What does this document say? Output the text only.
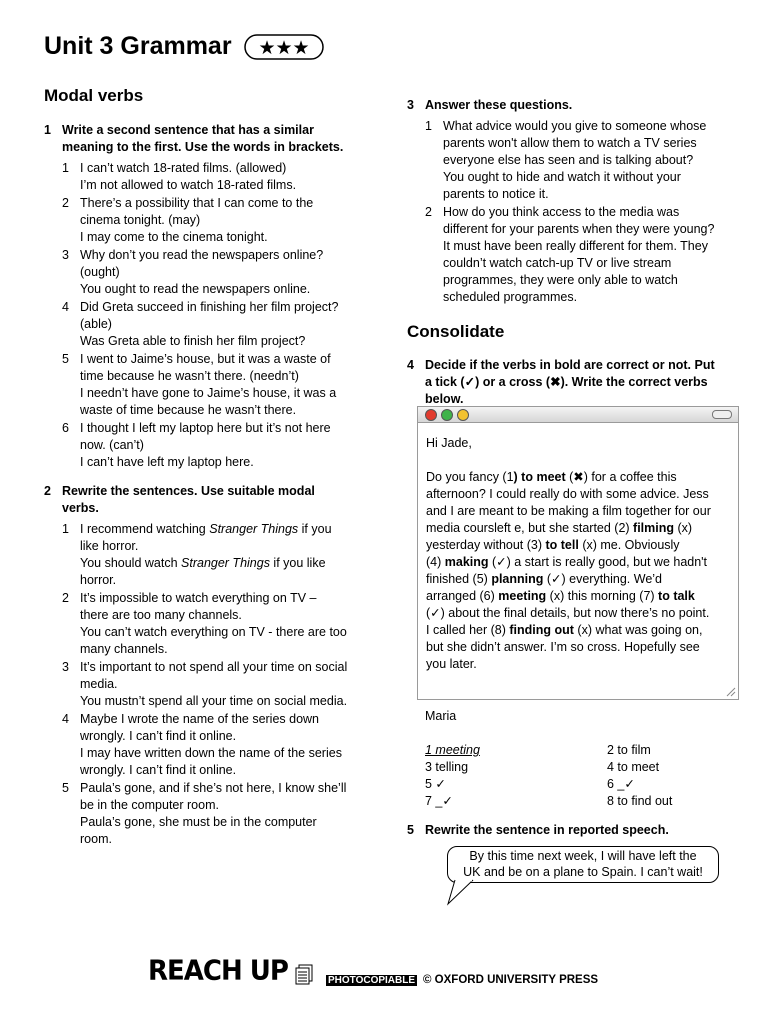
Unit 3 Grammar ★★★
Modal verbs
1 Write a second sentence that has a similar
meaning to the first. Use the words in brackets.
1 I can’t watch 18-rated films. (allowed)
I’m not allowed to watch 18-rated films.
2 There’s a possibility that I can come to the
cinema tonight. (may)
I may come to the cinema tonight.
3 Why don’t you read the newspapers online?
(ought)
You ought to read the newspapers online.
4 Did Greta succeed in finishing her film project?
(able)
Was Greta able to finish her film project?
5 I went to Jaime’s house, but it was a waste of
time because he wasn’t there. (needn’t)
I needn’t have gone to Jaime’s house, it was a
waste of time because he wasn’t there.
6 I thought I left my laptop here but it’s not here
now. (can’t)
I can’t have left my laptop here.
2 Rewrite the sentences. Use suitable modal
verbs.
1 I recommend watching Stranger Things if you
like horror.
You should watch Stranger Things if you like
horror.
2 It’s impossible to watch everything on TV –
there are too many channels.
You can’t watch everything on TV - there are too
many channels.
3 It’s important to not spend all your time on social
media.
You mustn’t spend all your time on social media.
4 Maybe I wrote the name of the series down
wrongly. I can’t find it online.
I may have written down the name of the series
wrongly. I can’t find it online.
5 Paula’s gone, and if she’s not here, I know she’ll
be in the computer room.
Paula’s gone, she must be in the computer
room.
3 Answer these questions.
1 What advice would you give to someone whose
parents won't allow them to watch a TV series
everyone else has seen and is talking about?
You ought to hide and watch it without your
parents to notice it.
2 How do you think access to the media was
different for your parents when they were young?
It must have been really different for them. They
couldn’t watch catch-up TV or live stream
programmes, they were only able to watch
scheduled programmes.
Consolidate
4 Decide if the verbs in bold are correct or not. Put
a tick (✓) or a cross (✖). Write the correct verbs
below.
Hi Jade,
Do you fancy (1) to meet (✖) for a coffee this
afternoon? I could really do with some advice. Jess
and I are meant to be making a film together for our
media coursleft e, but she started (2) filming (x)
yesterday without (3) to tell (x) me. Obviously
(4) making (✓) a start is really good, but we hadn't
finished (5) planning (✓) everything. We’d
arranged (6) meeting (x) this morning (7) to talk
(✓) about the final details, but now there’s no point.
I called her (8) finding out (x) what was going on,
but she didn’t answer. I’m so cross. Hopefully see
you later.
Maria
1 meeting	2 to film
3 telling	4 to meet
5 ✓	6 _✓
7 _✓	8 to find out
5 Rewrite the sentence in reported speech.
By this time next week, I will have left the
UK and be on a plane to Spain. I can’t wait!
REACH UP	PHOTOCOPIABLE © OXFORD UNIVERSITY PRESS
